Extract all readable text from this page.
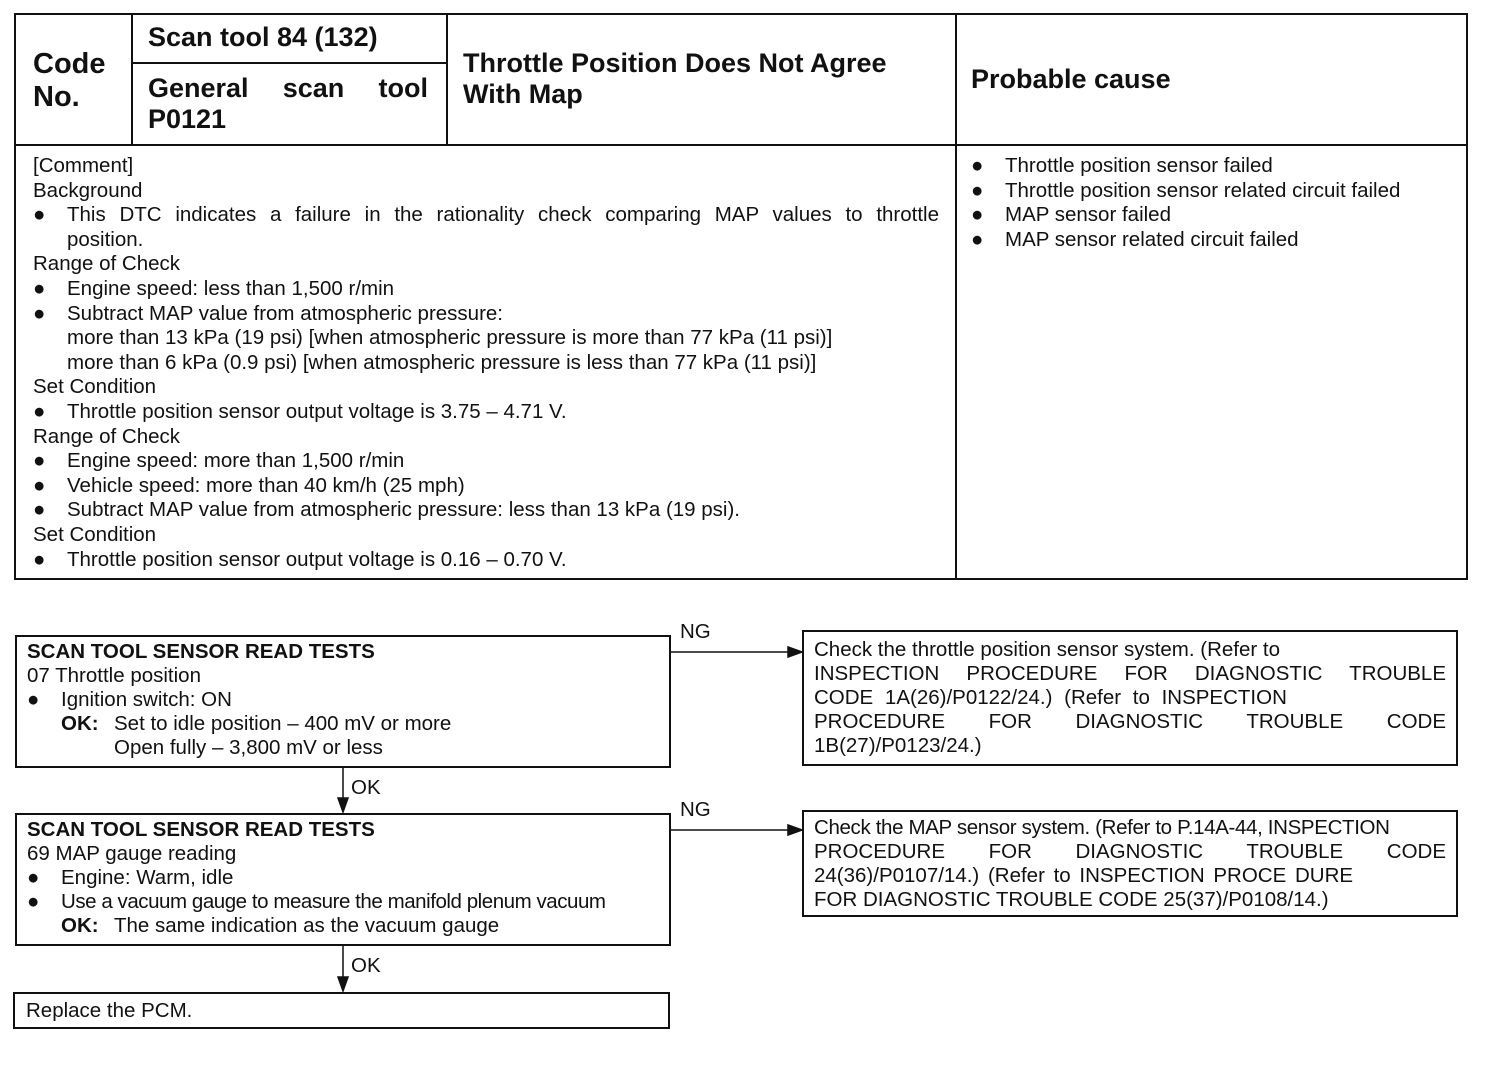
Code
No.
Scan tool 84 (132)
General scan tool
P0121
Throttle Position Does Not Agree
With Map	Probable cause
[Comment]
Background
●	This DTC indicates a failure in the rationality check comparing MAP values to throttle
position.
Range of Check
● Engine speed: less than 1,500 r/min
● Subtract MAP value from atmospheric pressure:
more than 13 kPa (19 psi) [when atmospheric pressure is more than 77 kPa (11 psi)]
more than 6 kPa (0.9 psi) [when atmospheric pressure is less than 77 kPa (11 psi)]
Set Condition
● Throttle position sensor output voltage is 3.75 – 4.71 V.
Range of Check
● Engine speed: more than 1,500 r/min
● Vehicle speed: more than 40 km/h (25 mph)
● Subtract MAP value from atmospheric pressure: less than 13 kPa (19 psi).
Set Condition
● Throttle position sensor output voltage is 0.16 – 0.70 V.
● Throttle position sensor failed
● Throttle position sensor related circuit failed
● MAP sensor failed
● MAP sensor related circuit failed
SCAN TOOL SENSOR READ TESTS
07 Throttle position
● Ignition switch: ON
OK: Set to idle position – 400 mV or more
Open fully – 3,800 mV or less
NG
Check the throttle position sensor system. (Refer to
INSPECTION PROCEDURE FOR DIAGNOSTIC TROUBLE
CODE 1A(26)/P0122/24.) (Refer to INSPECTION
PROCEDURE FOR DIAGNOSTIC TROUBLE CODE
1B(27)/P0123/24.)
OK
SCAN TOOL SENSOR READ TESTS
69 MAP gauge reading
● Engine: Warm, idle
● Use a vacuum gauge to measure the manifold plenum vacuum
OK: The same indication as the vacuum gauge
NG
Check the MAP sensor system. (Refer to P.14A-44, INSPECTION
PROCEDURE FOR DIAGNOSTIC TROUBLE CODE
24(36)/P0107/14.) (Refer to INSPECTION PROCE DURE
FOR DIAGNOSTIC TROUBLE CODE 25(37)/P0108/14.)
OK
Replace the PCM.
